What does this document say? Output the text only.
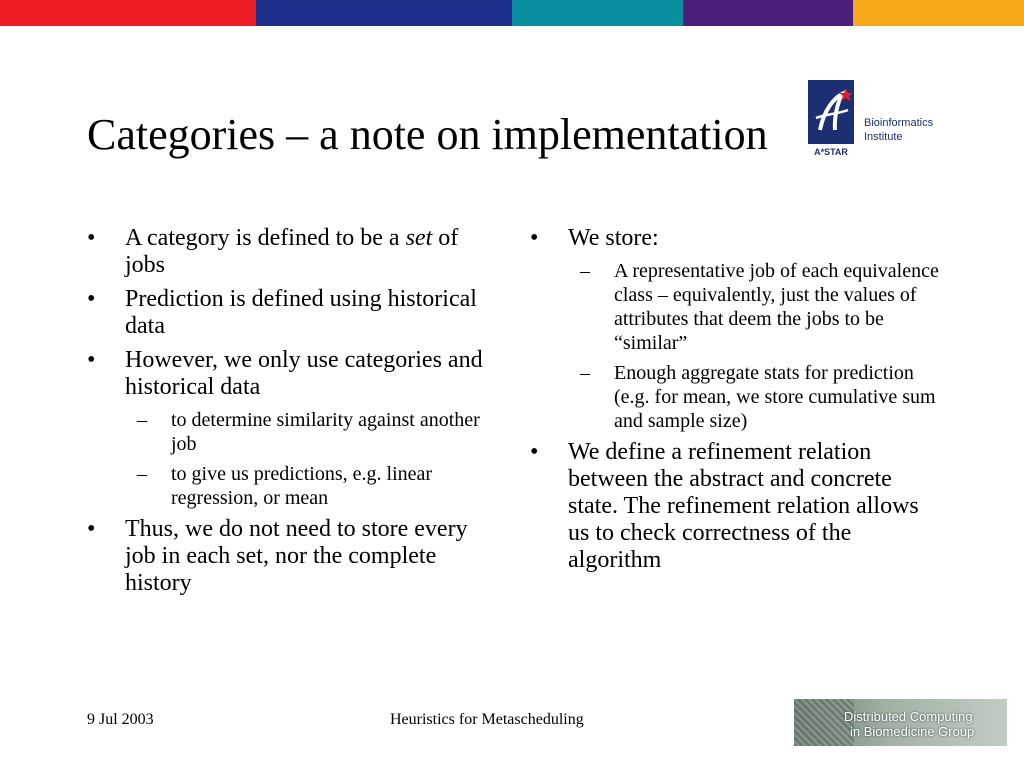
Categories – a note on implementation	A*STAR
Bioinformatics
Institute
•	A category is defined to be a set of jobs
•	Prediction is defined using historical data
•	However, we only use categories and historical data
– to determine similarity against another job
– to give us predictions, e.g. linear regression, or mean
•	Thus, we do not need to store every job in each set, nor the complete history
•	We store:
– A representative job of each equivalence class – equivalently, just the values of attributes that deem the jobs to be “similar”
– Enough aggregate stats for prediction (e.g. for mean, we store cumulative sum and sample size)
•	We define a refinement relation between the abstract and concrete state. The refinement relation allows us to check correctness of the algorithm
9 Jul 2003	Heuristics for Metascheduling	Distributed Computing
in Biomedicine Group
